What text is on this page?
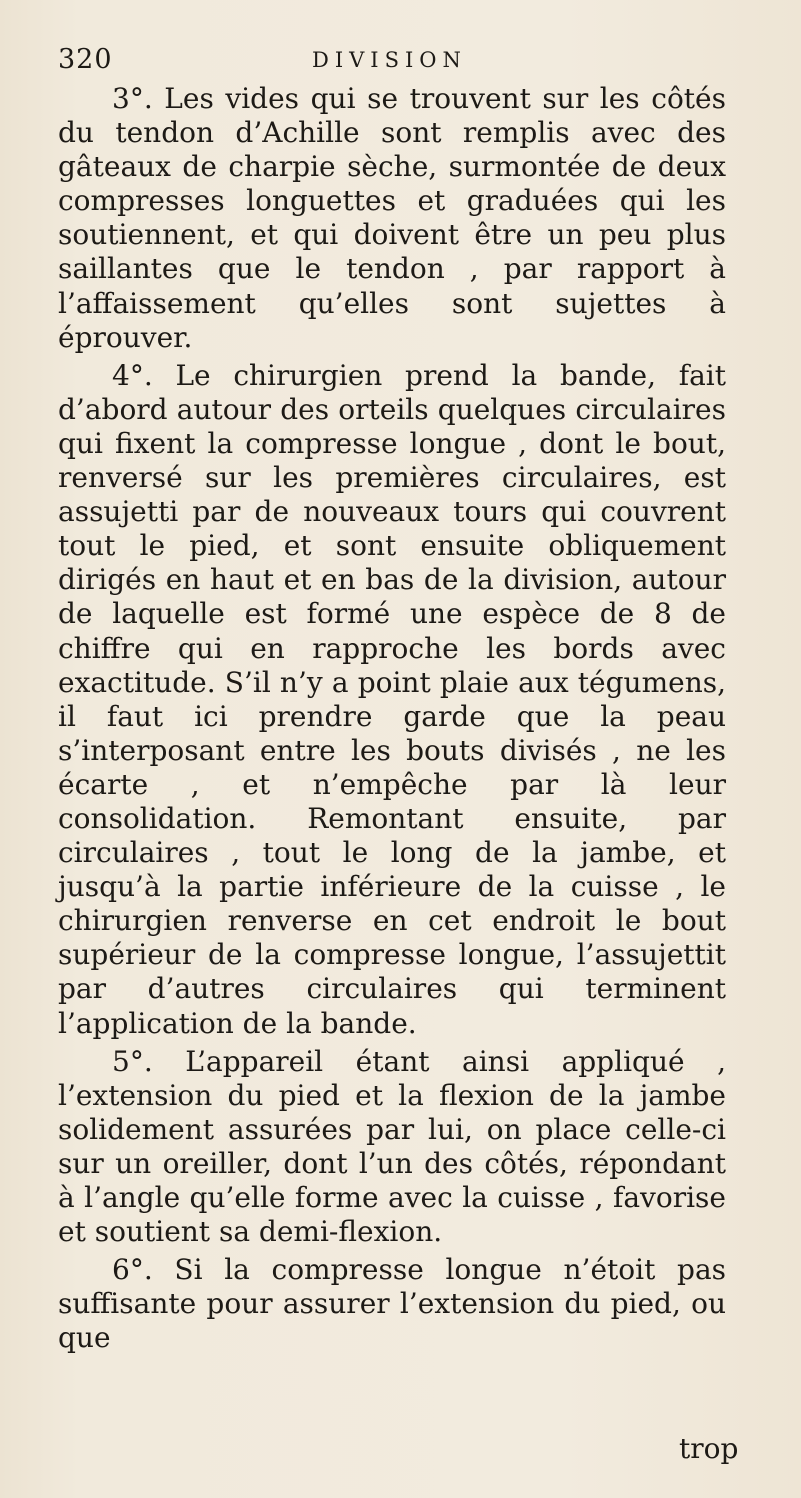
320	DIVISION

3°. Les vides qui se trouvent sur les côtés du tendon d’Achille sont remplis avec des gâteaux de charpie sèche, surmontée de deux compresses longuettes et graduées qui les soutiennent, et qui doivent être un peu plus saillantes que le tendon , par rapport à l’affaissement qu’elles sont sujettes à éprouver.

4°. Le chirurgien prend la bande, fait d’abord autour des orteils quelques circulaires qui fixent la compresse longue , dont le bout, renversé sur les premières circulaires, est assujetti par de nouveaux tours qui couvrent tout le pied, et sont ensuite obliquement dirigés en haut et en bas de la division, autour de laquelle est formé une espèce de 8 de chiffre qui en rapproche les bords avec exactitude. S’il n’y a point plaie aux tégumens, il faut ici prendre garde que la peau s’interposant entre les bouts divisés , ne les écarte , et n’empêche par là leur consolidation. Remontant ensuite, par circulaires , tout le long de la jambe, et jusqu’à la partie inférieure de la cuisse , le chirurgien renverse en cet endroit le bout supérieur de la compresse longue, l’assujettit par d’autres circulaires qui terminent l’application de la bande.

5°. L’appareil étant ainsi appliqué , l’extension du pied et la flexion de la jambe solidement assurées par lui, on place celle-ci sur un oreiller, dont l’un des côtés, répondant à l’angle qu’elle forme avec la cuisse , favorise et soutient sa demi-flexion.

6°. Si la compresse longue n’étoit pas suffisante pour assurer l’extension du pied, ou que

trop
